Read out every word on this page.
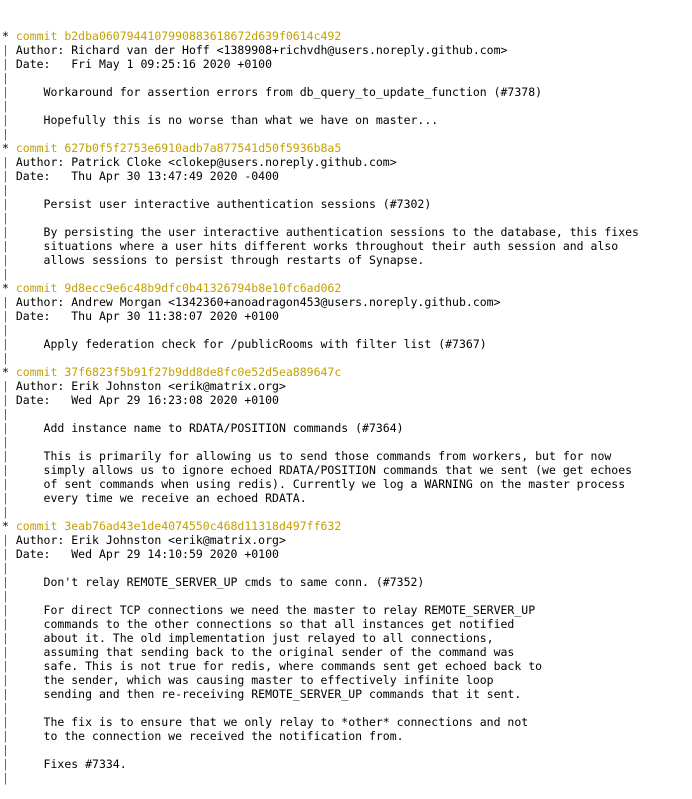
* commit b2dba0607944107990883618672d639f0614c492
| Author: Richard van der Hoff <1389908+richvdh@users.noreply.github.com>
| Date:   Fri May 1 09:25:16 2020 +0100
|
|     Workaround for assertion errors from db_query_to_update_function (#7378)
|
|     Hopefully this is no worse than what we have on master...
|
* commit 627b0f5f2753e6910adb7a877541d50f5936b8a5
| Author: Patrick Cloke <clokep@users.noreply.github.com>
| Date:   Thu Apr 30 13:47:49 2020 -0400
|
|     Persist user interactive authentication sessions (#7302)
|
|     By persisting the user interactive authentication sessions to the database, this fixes
|     situations where a user hits different works throughout their auth session and also
|     allows sessions to persist through restarts of Synapse.
|
* commit 9d8ecc9e6c48b9dfc0b41326794b8e10fc6ad062
| Author: Andrew Morgan <1342360+anoadragon453@users.noreply.github.com>
| Date:   Thu Apr 30 11:38:07 2020 +0100
|
|     Apply federation check for /publicRooms with filter list (#7367)
|
* commit 37f6823f5b91f27b9dd8de8fc0e52d5ea889647c
| Author: Erik Johnston <erik@matrix.org>
| Date:   Wed Apr 29 16:23:08 2020 +0100
|
|     Add instance name to RDATA/POSITION commands (#7364)
|
|     This is primarily for allowing us to send those commands from workers, but for now
|     simply allows us to ignore echoed RDATA/POSITION commands that we sent (we get echoes
|     of sent commands when using redis). Currently we log a WARNING on the master process
|     every time we receive an echoed RDATA.
|
* commit 3eab76ad43e1de4074550c468d11318d497ff632
| Author: Erik Johnston <erik@matrix.org>
| Date:   Wed Apr 29 14:10:59 2020 +0100
|
|     Don't relay REMOTE_SERVER_UP cmds to same conn. (#7352)
|
|     For direct TCP connections we need the master to relay REMOTE_SERVER_UP
|     commands to the other connections so that all instances get notified
|     about it. The old implementation just relayed to all connections,
|     assuming that sending back to the original sender of the command was
|     safe. This is not true for redis, where commands sent get echoed back to
|     the sender, which was causing master to effectively infinite loop
|     sending and then re-receiving REMOTE_SERVER_UP commands that it sent.
|
|     The fix is to ensure that we only relay to *other* connections and not
|     to the connection we received the notification from.
|
|     Fixes #7334.
|
